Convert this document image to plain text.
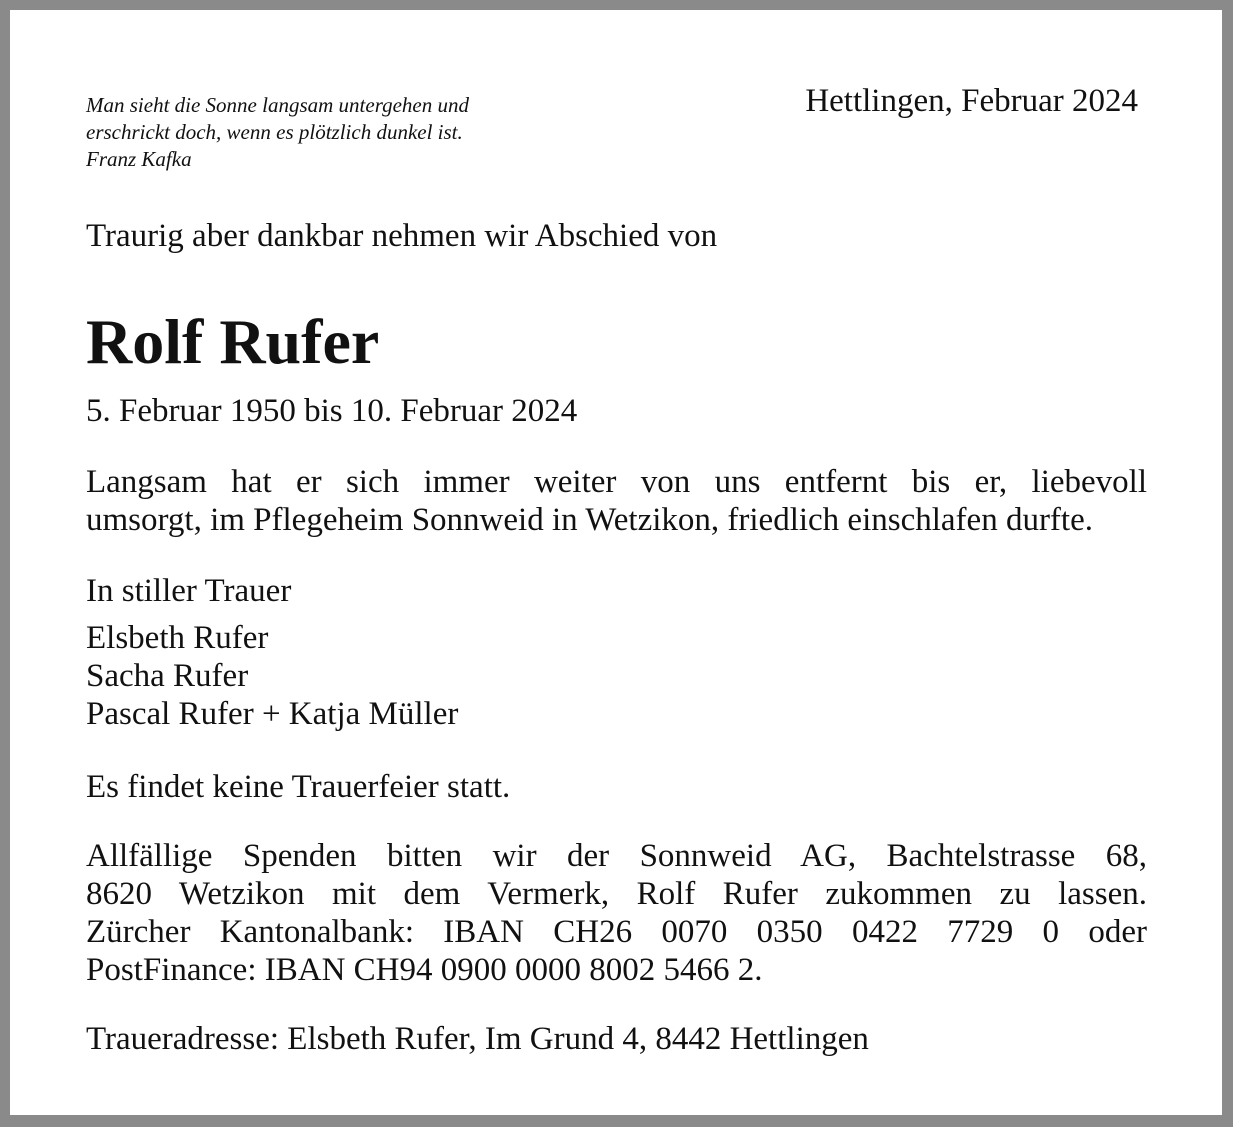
Man sieht die Sonne langsam untergehen und
erschrickt doch, wenn es plötzlich dunkel ist.
Franz Kafka
Hettlingen, Februar 2024
Traurig aber dankbar nehmen wir Abschied von
Rolf Rufer
5. Februar 1950 bis 10. Februar 2024
Langsam hat er sich immer weiter von uns entfernt bis er, liebevoll
umsorgt, im Pflegeheim Sonnweid in Wetzikon, friedlich einschlafen durfte.
In stiller Trauer
Elsbeth Rufer
Sacha Rufer
Pascal Rufer + Katja Müller
Es findet keine Trauerfeier statt.
Allfällige Spenden bitten wir der Sonnweid AG, Bachtelstrasse 68,
8620 Wetzikon mit dem Vermerk, Rolf Rufer zukommen zu lassen.
Zürcher Kantonalbank: IBAN CH26 0070 0350 0422 7729 0 oder
PostFinance: IBAN CH94 0900 0000 8002 5466 2.
Traueradresse: Elsbeth Rufer, Im Grund 4, 8442 Hettlingen
